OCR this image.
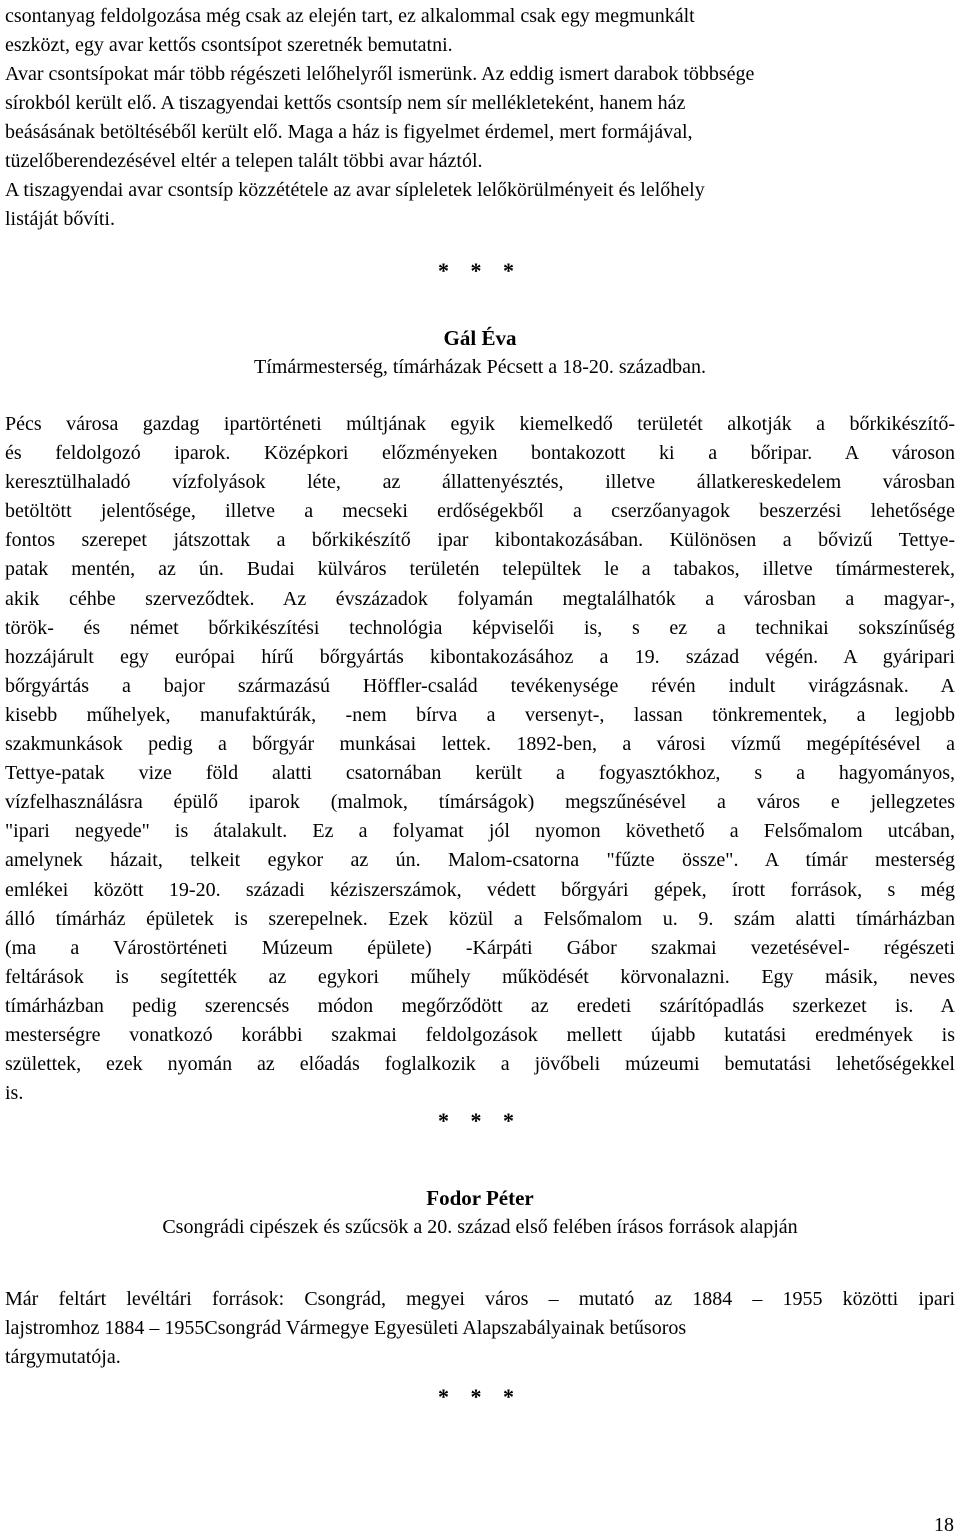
csontanyag feldolgozása még csak az elején tart, ez alkalommal csak egy megmunkált

eszközt, egy avar kettős csontsípot szeretnék bemutatni.

Avar csontsípokat már több régészeti lelőhelyről ismerünk. Az eddig ismert darabok többsége

sírokból került elő. A tiszagyendai kettős csontsíp nem sír mellékleteként, hanem ház

beásásának betöltéséből került elő. Maga a ház is figyelmet érdemel, mert formájával,

tüzelőberendezésével eltér a telepen talált többi avar háztól.

A tiszagyendai avar csontsíp közzététele az avar sípleletek lelőkörülményeit és lelőhely

listáját bővíti.

* * *
Gál Éva
Tímármesterség, tímárházak Pécsett a 18-20. században.
Pécs városa gazdag ipartörténeti múltjának egyik kiemelkedő területét alkotják a bőrkikészítő-
és feldolgozó iparok. Középkori előzményeken bontakozott ki a bőripar. A városon
keresztülhaladó vízfolyások léte, az állattenyésztés, illetve állatkereskedelem városban
betöltött jelentősége, illetve a mecseki erdőségekből a cserzőanyagok beszerzési lehetősége
fontos szerepet játszottak a bőrkikészítő ipar kibontakozásában. Különösen a bővizű Tettye-
patak mentén, az ún. Budai külváros területén települtek le a tabakos, illetve tímármesterek,
akik céhbe szerveződtek. Az évszázadok folyamán megtalálhatók a városban a magyar-,
török- és német bőrkikészítési technológia képviselői is, s ez a technikai sokszínűség
hozzájárult egy európai hírű bőrgyártás kibontakozásához a 19. század végén. A gyáripari
bőrgyártás a bajor származású Höffler-család tevékenysége révén indult virágzásnak. A
kisebb műhelyek, manufaktúrák, -nem bírva a versenyt-, lassan tönkrementek, a legjobb
szakmunkások pedig a bőrgyár munkásai lettek. 1892-ben, a városi vízmű megépítésével a
Tettye-patak vize föld alatti csatornában került a fogyasztókhoz, s a hagyományos,
vízfelhasználásra épülő iparok (malmok, tímárságok) megszűnésével a város e jellegzetes
"ipari negyede" is átalakult. Ez a folyamat jól nyomon követhető a Felsőmalom utcában,
amelynek házait, telkeit egykor az ún. Malom-csatorna "fűzte össze". A tímár mesterség
emlékei között 19-20. századi kéziszerszámok, védett bőrgyári gépek, írott források, s még
álló tímárház épületek is szerepelnek. Ezek közül a Felsőmalom u. 9. szám alatti tímárházban
(ma a Várostörténeti Múzeum épülete) -Kárpáti Gábor szakmai vezetésével- régészeti
feltárások is segítették az egykori műhely működését körvonalazni. Egy másik, neves
tímárházban pedig szerencsés módon megőrződött az eredeti szárítópadlás szerkezet is. A
mesterségre vonatkozó korábbi szakmai feldolgozások mellett újabb kutatási eredmények is
születtek, ezek nyomán az előadás foglalkozik a jövőbeli múzeumi bemutatási lehetőségekkel
is.
* * *
Fodor Péter
Csongrádi cipészek és szűcsök a 20. század első felében írásos források alapján
Már feltárt levéltári források: Csongrád, megyei város – mutató az 1884 – 1955 közötti ipari
lajstromhoz 1884 – 1955Csongrád Vármegye Egyesületi Alapszabályainak betűsoros
tárgymutatója.
* * *
18
